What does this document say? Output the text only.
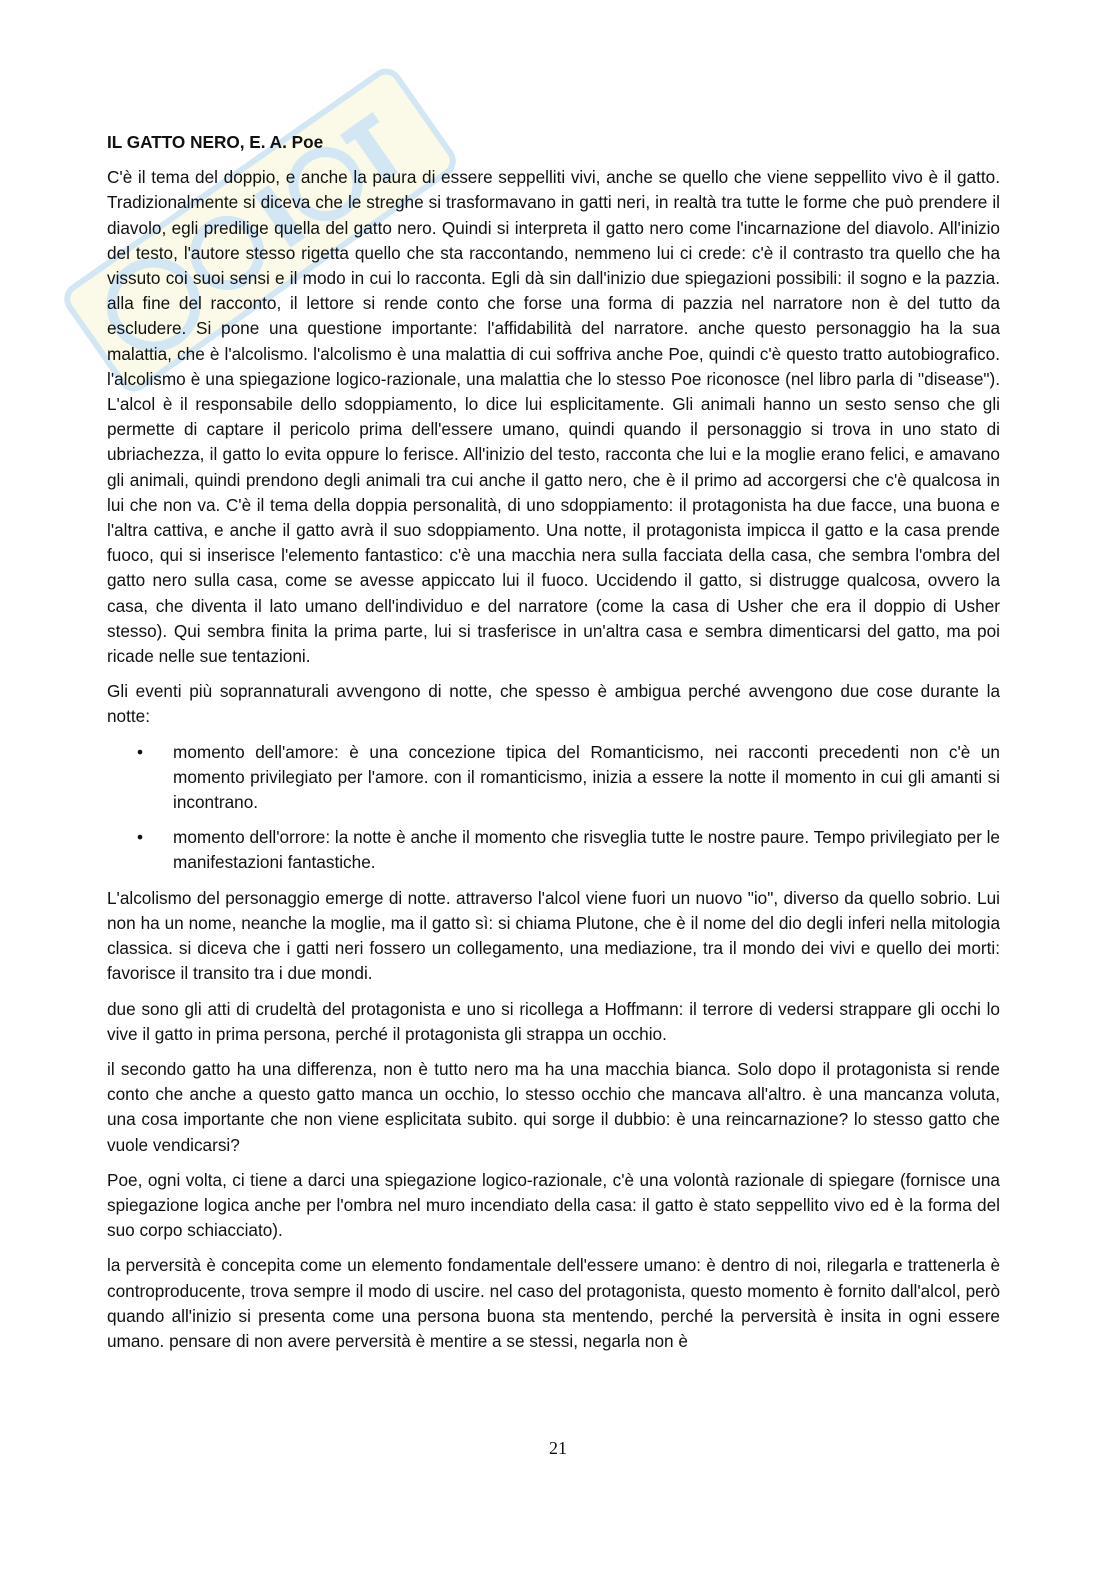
IL GATTO NERO, E. A. Poe

C'è il tema del doppio, e anche la paura di essere seppelliti vivi, anche se quello che viene seppellito vivo è il gatto. Tradizionalmente si diceva che le streghe si trasformavano in gatti neri, in realtà tra tutte le forme che può prendere il diavolo, egli predilige quella del gatto nero. Quindi si interpreta il gatto nero come l'incarnazione del diavolo. All'inizio del testo, l'autore stesso rigetta quello che sta raccontando, nemmeno lui ci crede: c'è il contrasto tra quello che ha vissuto coi suoi sensi e il modo in cui lo racconta. Egli dà sin dall'inizio due spiegazioni possibili: il sogno e la pazzia. alla fine del racconto, il lettore si rende conto che forse una forma di pazzia nel narratore non è del tutto da escludere. Si pone una questione importante: l'affidabilità del narratore. anche questo personaggio ha la sua malattia, che è l'alcolismo. l'alcolismo è una malattia di cui soffriva anche Poe, quindi c'è questo tratto autobiografico. l'alcolismo è una spiegazione logico-razionale, una malattia che lo stesso Poe riconosce (nel libro parla di "disease"). L'alcol è il responsabile dello sdoppiamento, lo dice lui esplicitamente. Gli animali hanno un sesto senso che gli permette di captare il pericolo prima dell'essere umano, quindi quando il personaggio si trova in uno stato di ubriachezza, il gatto lo evita oppure lo ferisce. All'inizio del testo, racconta che lui e la moglie erano felici, e amavano gli animali, quindi prendono degli animali tra cui anche il gatto nero, che è il primo ad accorgersi che c'è qualcosa in lui che non va. C'è il tema della doppia personalità, di uno sdoppiamento: il protagonista ha due facce, una buona e l'altra cattiva, e anche il gatto avrà il suo sdoppiamento. Una notte, il protagonista impicca il gatto e la casa prende fuoco, qui si inserisce l'elemento fantastico: c'è una macchia nera sulla facciata della casa, che sembra l'ombra del gatto nero sulla casa, come se avesse appiccato lui il fuoco. Uccidendo il gatto, si distrugge qualcosa, ovvero la casa, che diventa il lato umano dell'individuo e del narratore (come la casa di Usher che era il doppio di Usher stesso). Qui sembra finita la prima parte, lui si trasferisce in un'altra casa e sembra dimenticarsi del gatto, ma poi ricade nelle sue tentazioni.

Gli eventi più soprannaturali avvengono di notte, che spesso è ambigua perché avvengono due cose durante la notte:

• momento dell'amore: è una concezione tipica del Romanticismo, nei racconti precedenti non c'è un momento privilegiato per l'amore. con il romanticismo, inizia a essere la notte il momento in cui gli amanti si incontrano.
• momento dell'orrore: la notte è anche il momento che risveglia tutte le nostre paure. Tempo privilegiato per le manifestazioni fantastiche.

L'alcolismo del personaggio emerge di notte. attraverso l'alcol viene fuori un nuovo "io", diverso da quello sobrio. Lui non ha un nome, neanche la moglie, ma il gatto sì: si chiama Plutone, che è il nome del dio degli inferi nella mitologia classica. si diceva che i gatti neri fossero un collegamento, una mediazione, tra il mondo dei vivi e quello dei morti: favorisce il transito tra i due mondi.

due sono gli atti di crudeltà del protagonista e uno si ricollega a Hoffmann: il terrore di vedersi strappare gli occhi lo vive il gatto in prima persona, perché il protagonista gli strappa un occhio.

il secondo gatto ha una differenza, non è tutto nero ma ha una macchia bianca. Solo dopo il protagonista si rende conto che anche a questo gatto manca un occhio, lo stesso occhio che mancava all'altro. è una mancanza voluta, una cosa importante che non viene esplicitata subito. qui sorge il dubbio: è una reincarnazione? lo stesso gatto che vuole vendicarsi?

Poe, ogni volta, ci tiene a darci una spiegazione logico-razionale, c'è una volontà razionale di spiegare (fornisce una spiegazione logica anche per l'ombra nel muro incendiato della casa: il gatto è stato seppellito vivo ed è la forma del suo corpo schiacciato).

la perversità è concepita come un elemento fondamentale dell'essere umano: è dentro di noi, rilegarla e trattenerla è controproducente, trova sempre il modo di uscire. nel caso del protagonista, questo momento è fornito dall'alcol, però quando all'inizio si presenta come una persona buona sta mentendo, perché la perversità è insita in ogni essere umano. pensare di non avere perversità è mentire a se stessi, negarla non è

21
